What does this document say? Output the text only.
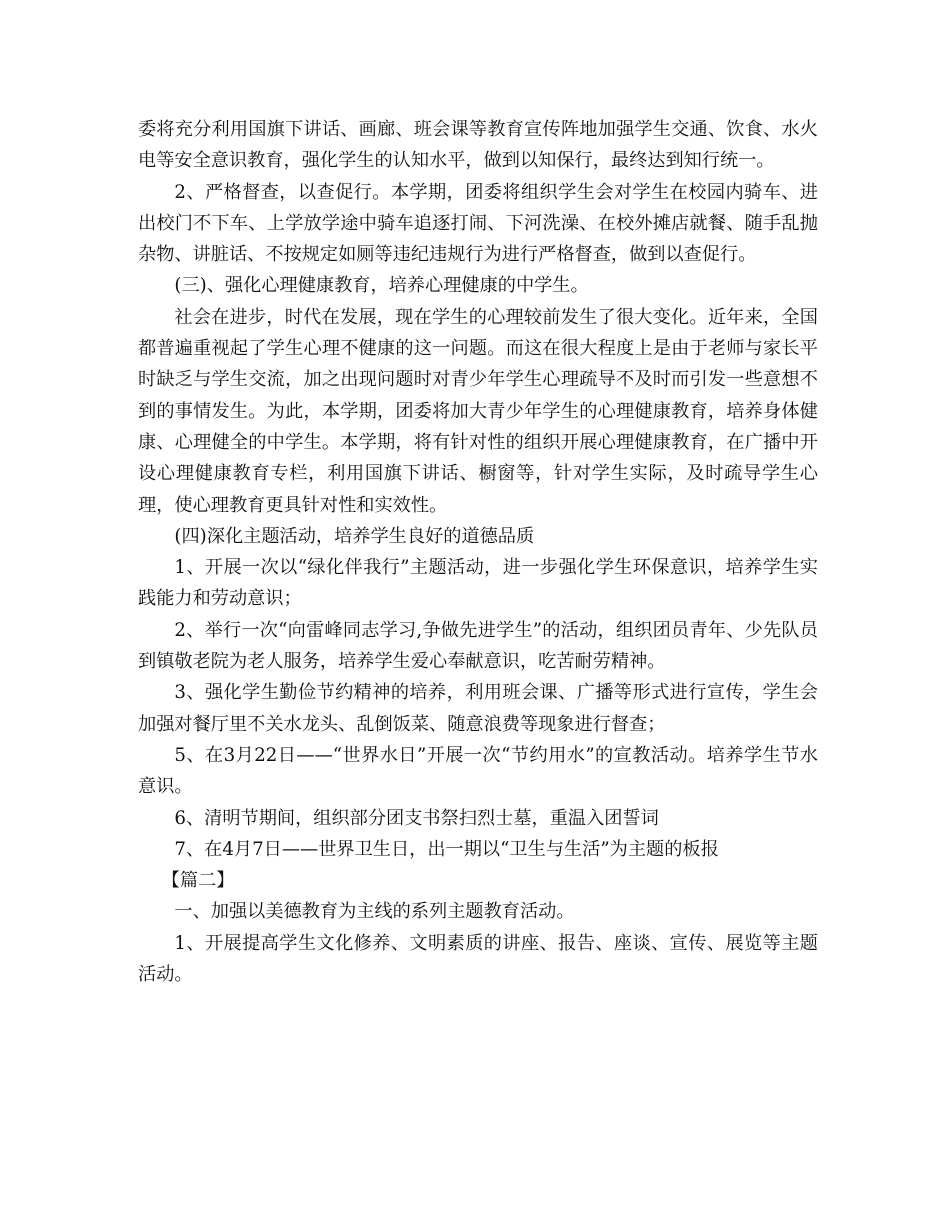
委将充分利用国旗下讲话、画廊、班会课等教育宣传阵地加强学生交通、饮食、水火电等安全意识教育，强化学生的认知水平，做到以知保行，最终达到知行统一。

2、严格督查，以查促行。本学期，团委将组织学生会对学生在校园内骑车、进出校门不下车、上学放学途中骑车追逐打闹、下河洗澡、在校外摊店就餐、随手乱抛杂物、讲脏话、不按规定如厕等违纪违规行为进行严格督查，做到以查促行。

(三)、强化心理健康教育，培养心理健康的中学生。

社会在进步，时代在发展，现在学生的心理较前发生了很大变化。近年来，全国都普遍重视起了学生心理不健康的这一问题。而这在很大程度上是由于老师与家长平时缺乏与学生交流，加之出现问题时对青少年学生心理疏导不及时而引发一些意想不到的事情发生。为此，本学期，团委将加大青少年学生的心理健康教育，培养身体健康、心理健全的中学生。本学期，将有针对性的组织开展心理健康教育，在广播中开设心理健康教育专栏，利用国旗下讲话、橱窗等，针对学生实际，及时疏导学生心理，使心理教育更具针对性和实效性。

(四)深化主题活动，培养学生良好的道德品质

1、开展一次以“绿化伴我行”主题活动，进一步强化学生环保意识，培养学生实践能力和劳动意识；

2、举行一次“向雷峰同志学习,争做先进学生”的活动，组织团员青年、少先队员到镇敬老院为老人服务，培养学生爱心奉献意识，吃苦耐劳精神。

3、强化学生勤俭节约精神的培养，利用班会课、广播等形式进行宣传，学生会加强对餐厅里不关水龙头、乱倒饭菜、随意浪费等现象进行督查；

5、在3月22日——“世界水日”开展一次“节约用水”的宣教活动。培养学生节水意识。

6、清明节期间，组织部分团支书祭扫烈士墓，重温入团誓词

7、在4月7日——世界卫生日，出一期以“卫生与生活”为主题的板报

【篇二】

一、加强以美德教育为主线的系列主题教育活动。

1、开展提高学生文化修养、文明素质的讲座、报告、座谈、宣传、展览等主题活动。
